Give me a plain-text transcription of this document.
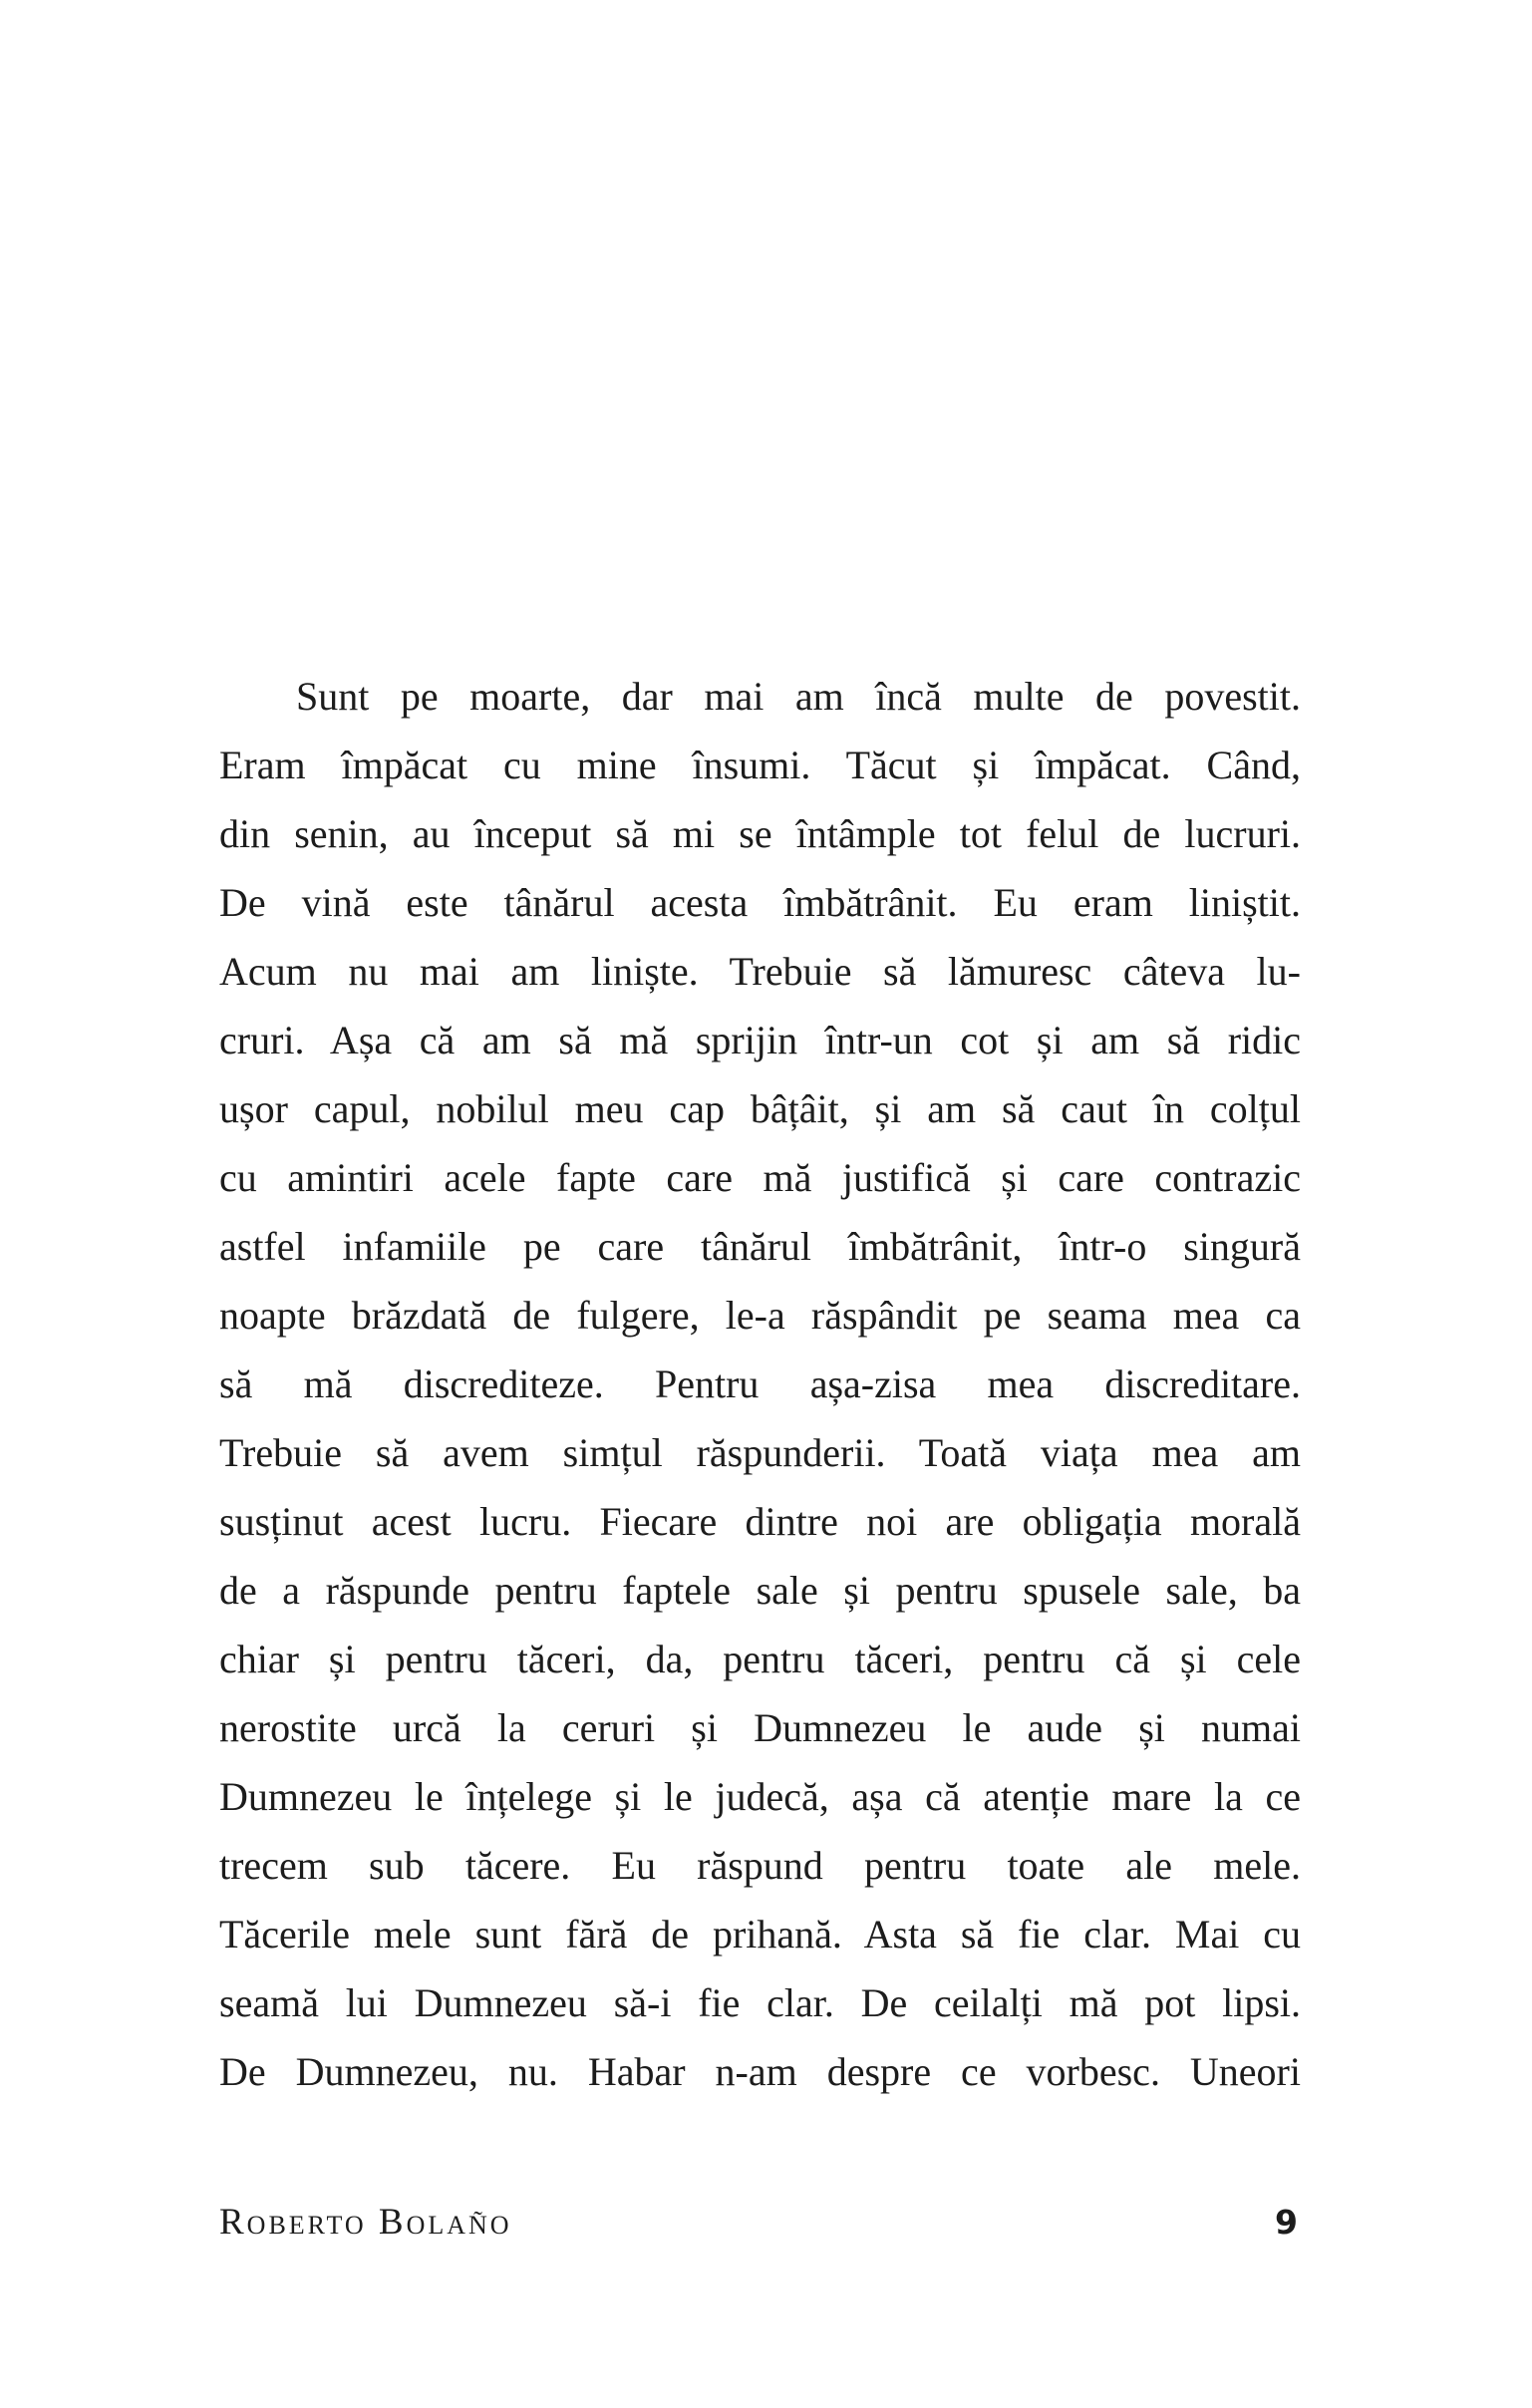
Sunt pe moarte, dar mai am încă multe de povestit.
Eram împăcat cu mine însumi. Tăcut și împăcat. Când,
din senin, au început să mi se întâmple tot felul de lucruri.
De vină este tânărul acesta îmbătrânit. Eu eram liniștit.
Acum nu mai am liniște. Trebuie să lămuresc câteva lu-
cruri. Așa că am să mă sprijin într-un cot și am să ridic
ușor capul, nobilul meu cap bâțâit, și am să caut în colțul
cu amintiri acele fapte care mă justifică și care contrazic
astfel infamiile pe care tânărul îmbătrânit, într-o singură
noapte brăzdată de fulgere, le-a răspândit pe seama mea ca
să mă discrediteze. Pentru așa-zisa mea discreditare.
Trebuie să avem simțul răspunderii. Toată viața mea am
susținut acest lucru. Fiecare dintre noi are obligația morală
de a răspunde pentru faptele sale și pentru spusele sale, ba
chiar și pentru tăceri, da, pentru tăceri, pentru că și cele
nerostite urcă la ceruri și Dumnezeu le aude și numai
Dumnezeu le înțelege și le judecă, așa că atenție mare la ce
trecem sub tăcere. Eu răspund pentru toate ale mele.
Tăcerile mele sunt fără de prihană. Asta să fie clar. Mai cu
seamă lui Dumnezeu să-i fie clar. De ceilalți mă pot lipsi.
De Dumnezeu, nu. Habar n-am despre ce vorbesc. Uneori
Roberto Bolaño	9
